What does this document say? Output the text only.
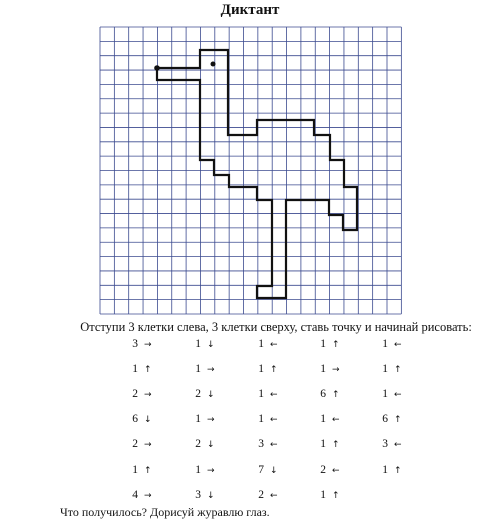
Диктант
Отступи 3 клетки слева, 3 клетки сверху, ставь точку и начинай рисовать:
3 →
1 ↑
2 →
6 ↓
2 →
1 ↑
4 →
1 ↓
1 →
2 ↓
1 →
2 ↓
1 →
3 ↓
1 ←
1 ↑
1 ←
1 ←
3 ←
7 ↓
2 ←
1 ↑
1 →
6 ↑
1 ←
1 ↑
2 ←
1 ↑
1 ←
1 ↑
1 ←
6 ↑
3 ←
1 ↑
Что получилось? Дорисуй журавлю глаз.
